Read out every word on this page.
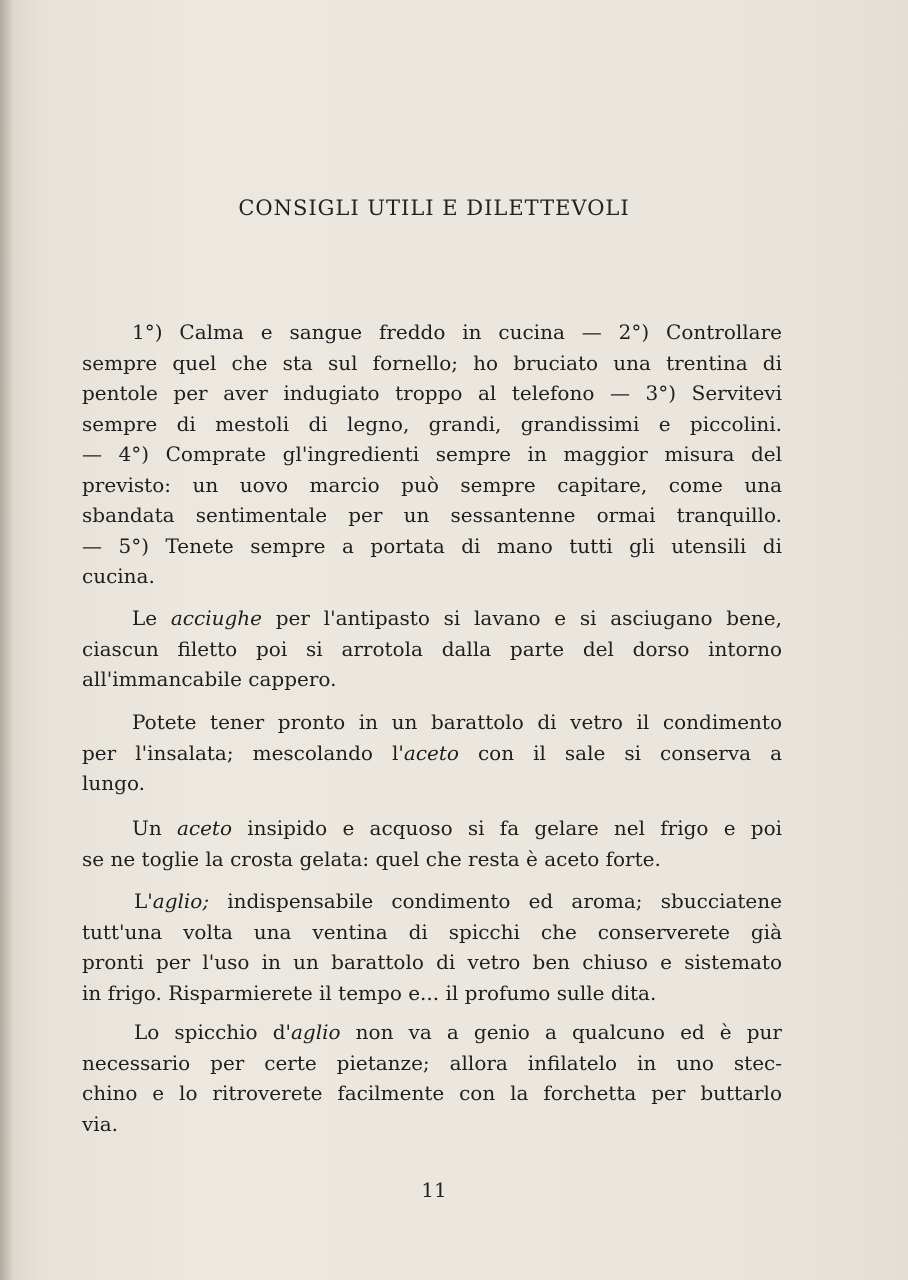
CONSIGLI UTILI E DILETTEVOLI
1°) Calma e sangue freddo in cucina — 2°) Controllare
sempre quel che sta sul fornello; ho bruciato una trentina di
pentole per aver indugiato troppo al telefono — 3°) Servitevi
sempre di mestoli di legno, grandi, grandissimi e piccolini.
— 4°) Comprate gl'ingredienti sempre in maggior misura del
previsto: un uovo marcio può sempre capitare, come una
sbandata sentimentale per un sessantenne ormai tranquillo.
— 5°) Tenete sempre a portata di mano tutti gli utensili di
cucina.
Le acciughe per l'antipasto si lavano e si asciugano bene,
ciascun filetto poi si arrotola dalla parte del dorso intorno
all'immancabile cappero.
Potete tener pronto in un barattolo di vetro il condimento
per l'insalata; mescolando l'aceto con il sale si conserva a
lungo.
Un aceto insipido e acquoso si fa gelare nel frigo e poi
se ne toglie la crosta gelata: quel che resta è aceto forte.
L'aglio; indispensabile condimento ed aroma; sbucciatene
tutt'una volta una ventina di spicchi che conserverete già
pronti per l'uso in un barattolo di vetro ben chiuso e sistemato
in frigo. Risparmierete il tempo e... il profumo sulle dita.
Lo spicchio d'aglio non va a genio a qualcuno ed è pur
necessario per certe pietanze; allora infilatelo in uno stec-
chino e lo ritroverete facilmente con la forchetta per buttarlo
via.
11
